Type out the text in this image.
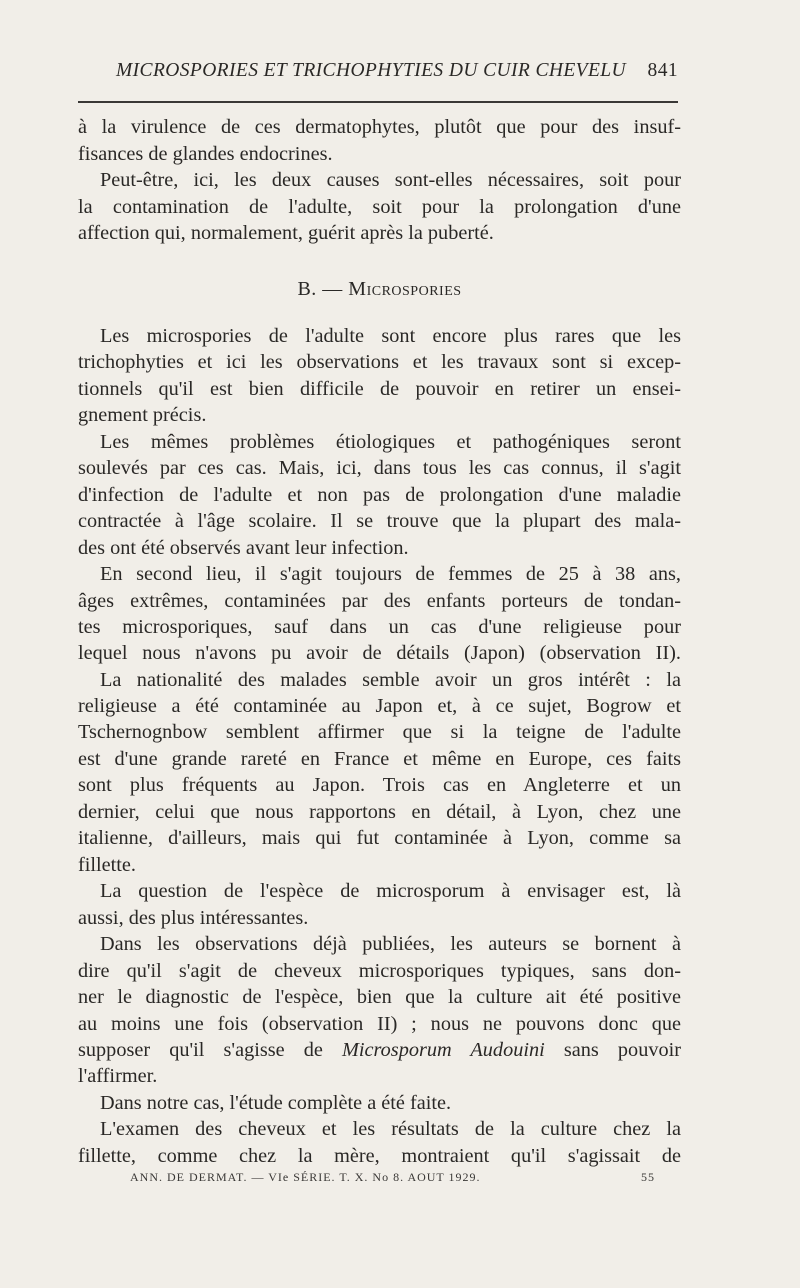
MICROSPORIES ET TRICHOPHYTIES DU CUIR CHEVELU 841
à la virulence de ces dermatophytes, plutôt que pour des insuf-
fisances de glandes endocrines.
Peut-être, ici, les deux causes sont-elles nécessaires, soit pour
la contamination de l'adulte, soit pour la prolongation d'une
affection qui, normalement, guérit après la puberté.
B. — Microspories
Les microspories de l'adulte sont encore plus rares que les
trichophyties et ici les observations et les travaux sont si excep-
tionnels qu'il est bien difficile de pouvoir en retirer un ensei-
gnement précis.
Les mêmes problèmes étiologiques et pathogéniques seront
soulevés par ces cas. Mais, ici, dans tous les cas connus, il s'agit
d'infection de l'adulte et non pas de prolongation d'une maladie
contractée à l'âge scolaire. Il se trouve que la plupart des mala-
des ont été observés avant leur infection.
En second lieu, il s'agit toujours de femmes de 25 à 38 ans,
âges extrêmes, contaminées par des enfants porteurs de tondan-
tes microsporiques, sauf dans un cas d'une religieuse pour
lequel nous n'avons pu avoir de détails (Japon) (observation II).
La nationalité des malades semble avoir un gros intérêt : la
religieuse a été contaminée au Japon et, à ce sujet, Bogrow et
Tschernognbow semblent affirmer que si la teigne de l'adulte
est d'une grande rareté en France et même en Europe, ces faits
sont plus fréquents au Japon. Trois cas en Angleterre et un
dernier, celui que nous rapportons en détail, à Lyon, chez une
italienne, d'ailleurs, mais qui fut contaminée à Lyon, comme sa
fillette.
La question de l'espèce de microsporum à envisager est, là
aussi, des plus intéressantes.
Dans les observations déjà publiées, les auteurs se bornent à
dire qu'il s'agit de cheveux microsporiques typiques, sans don-
ner le diagnostic de l'espèce, bien que la culture ait été positive
au moins une fois (observation II) ; nous ne pouvons donc que
supposer qu'il s'agisse de Microsporum Audouini sans pouvoir
l'affirmer.
Dans notre cas, l'étude complète a été faite.
L'examen des cheveux et les résultats de la culture chez la
fillette, comme chez la mère, montraient qu'il s'agissait de
ANN. DE DERMAT. — VIe SÉRIE. T. X. No 8. AOUT 1929.	55
